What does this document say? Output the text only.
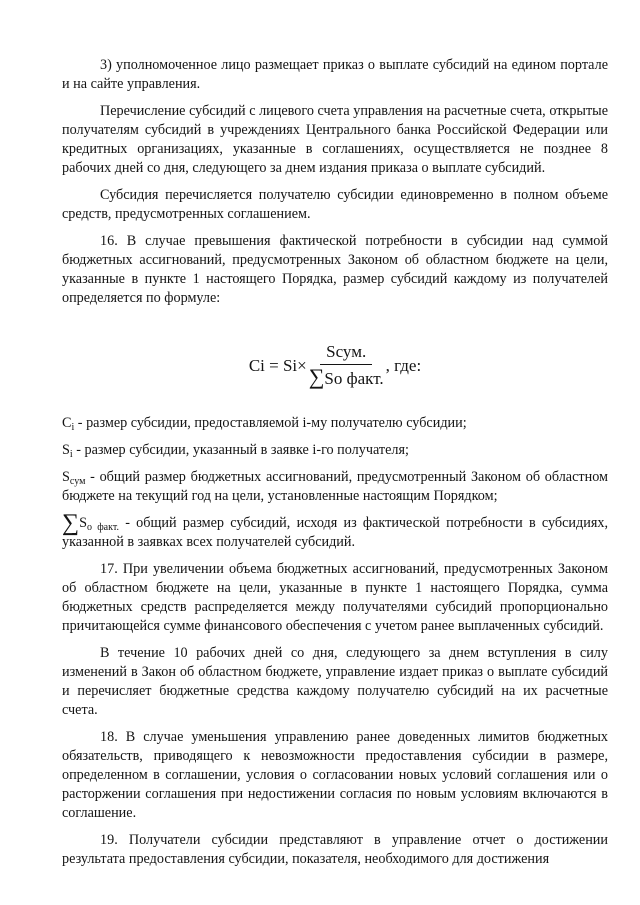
3) уполномоченное лицо размещает приказ о выплате субсидий на едином портале и на сайте управления.

Перечисление субсидий с лицевого счета управления на расчетные счета, открытые получателям субсидий в учреждениях Центрального банка Российской Федерации или кредитных организациях, указанные в соглашениях, осуществляется не позднее 8 рабочих дней со дня, следующего за днем издания приказа о выплате субсидий.

Субсидия перечисляется получателю субсидии единовременно в полном объеме средств, предусмотренных соглашением.

16. В случае превышения фактической потребности в субсидии над суммой бюджетных ассигнований, предусмотренных Законом об областном бюджете на цели, указанные в пункте 1 настоящего Порядка, размер субсидий каждому из получателей определяется по формуле:

$Ci = Si \times \frac{\text{Sсум.}}{\text{∑So факт.}}$ , где:

$C_i$ - размер субсидии, предоставляемой i-му получателю субсидии;

$S_i$ - размер субсидии, указанный в заявке i-го получателя;

$S_{сум}$ - общий размер бюджетных ассигнований, предусмотренный Законом об областном бюджете на текущий год на цели, установленные настоящим Порядком;

$\sum S_{о факт.}$ - общий размер субсидий, исходя из фактической потребности в субсидиях, указанной в заявках всех получателей субсидий.

17. При увеличении объема бюджетных ассигнований, предусмотренных Законом об областном бюджете на цели, указанные в пункте 1 настоящего Порядка, сумма бюджетных средств распределяется между получателями субсидий пропорционально причитающейся сумме финансового обеспечения с учетом ранее выплаченных субсидий.

В течение 10 рабочих дней со дня, следующего за днем вступления в силу изменений в Закон об областном бюджете, управление издает приказ о выплате субсидий и перечисляет бюджетные средства каждому получателю субсидий на их расчетные счета.

18. В случае уменьшения управлению ранее доведенных лимитов бюджетных обязательств, приводящего к невозможности предоставления субсидии в размере, определенном в соглашении, условия о согласовании новых условий соглашения или о расторжении соглашения при недостижении согласия по новым условиям включаются в соглашение.

19. Получатели субсидии представляют в управление отчет о достижении результата предоставления субсидии, показателя, необходимого для достижения
